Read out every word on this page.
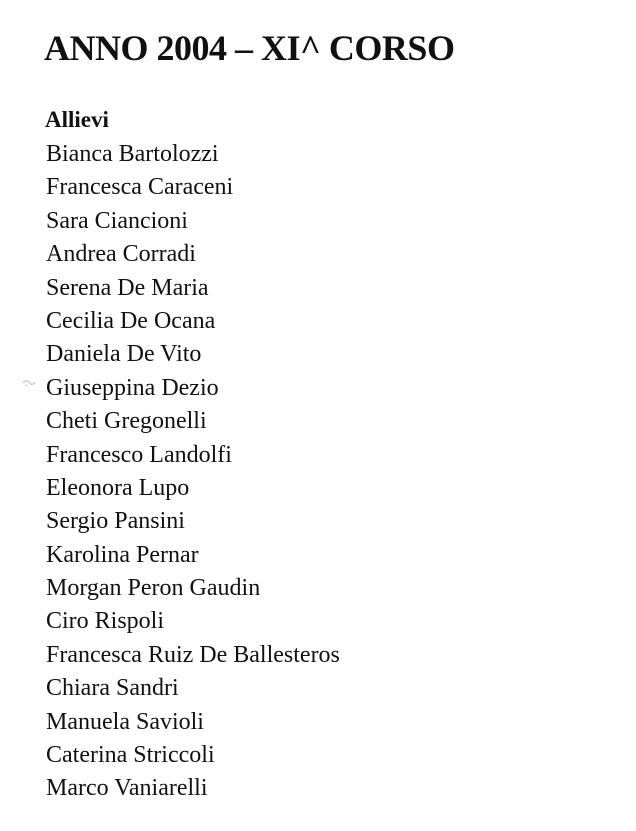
ANNO 2004 – XI^ CORSO
Allievi
Bianca Bartolozzi
Francesca Caraceni
Sara Ciancioni
Andrea Corradi
Serena De Maria
Cecilia De Ocana
Daniela De Vito
Giuseppina Dezio
Cheti Gregonelli
Francesco Landolfi
Eleonora Lupo
Sergio Pansini
Karolina Pernar
Morgan Peron Gaudin
Ciro Rispoli
Francesca Ruiz De Ballesteros
Chiara Sandri
Manuela Savioli
Caterina Striccoli
Marco Vaniarelli
